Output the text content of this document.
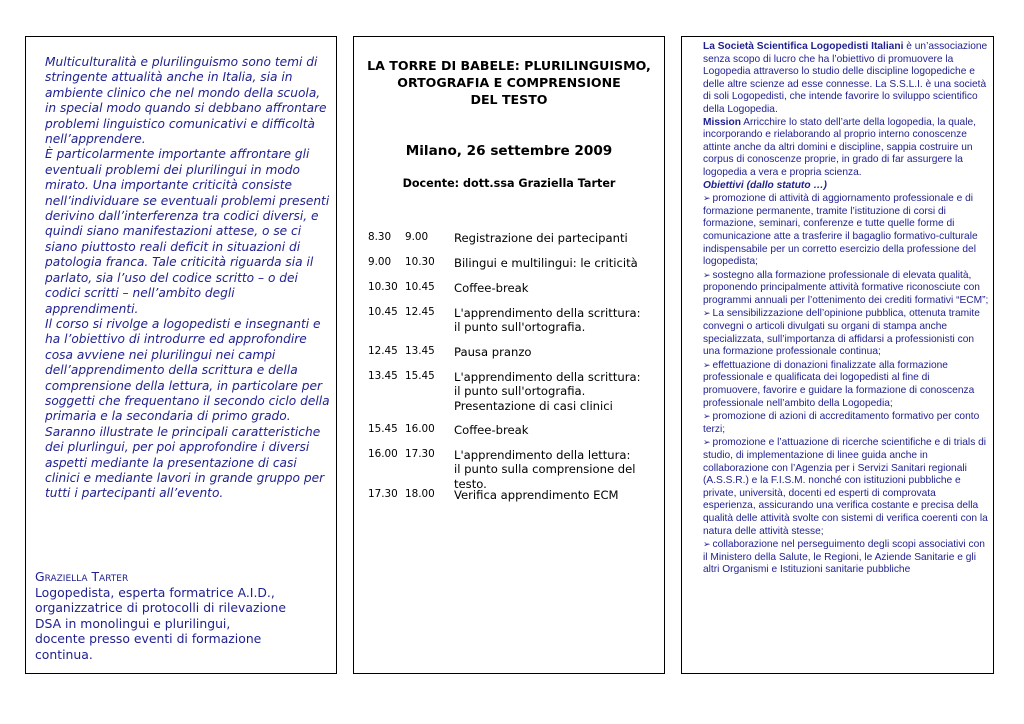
Multiculturalità e plurilinguismo sono temi di stringente attualità anche in Italia, sia in ambiente clinico che nel mondo della scuola, in special modo quando si debbano affrontare problemi linguistico comunicativi e difficoltà nell’apprendere.

È particolarmente importante affrontare gli eventuali problemi dei plurilingui in modo mirato. Una importante criticità consiste nell’individuare se eventuali problemi presenti derivino dall’interferenza tra codici diversi, e quindi siano manifestazioni attese, o se ci siano piuttosto reali deficit in situazioni di patologia franca. Tale criticità riguarda sia il parlato, sia l’uso del codice scritto – o dei codici scritti – nell’ambito degli apprendimenti.

Il corso si rivolge a logopedisti e insegnanti e ha l’obiettivo di introdurre ed approfondire cosa avviene nei plurilingui nei campi dell’apprendimento della scrittura e della comprensione della lettura, in particolare per soggetti che frequentano il secondo ciclo della primaria e la secondaria di primo grado. Saranno illustrate le principali caratteristiche dei plurlingui, per poi approfondire i diversi aspetti mediante la presentazione di casi clinici e mediante lavori in grande gruppo per tutti i partecipanti all’evento.

Graziella Tarter
Logopedista, esperta formatrice A.I.D.,
organizzatrice di protocolli di rilevazione
DSA in monolingui e plurilingui,
docente presso eventi di formazione
continua.
LA TORRE DI BABELE: PLURILINGUISMO,
ORTOGRAFIA E COMPRENSIONE
DEL TESTO
Milano, 26 settembre 2009
Docente: dott.ssa Graziella Tarter
8.30 9.00 Registrazione dei partecipanti
9.00 10.30 Bilingui e multilingui: le criticità
10.30 10.45 Coffee-break
10.45 12.45 L'apprendimento della scrittura:
il punto sull'ortografia.
12.45 13.45 Pausa pranzo
13.45 15.45 L'apprendimento della scrittura:
il punto sull'ortografia.
Presentazione di casi clinici
15.45 16.00 Coffee-break
16.00 17.30 L'apprendimento della lettura:
il punto sulla comprensione del testo.
17.30 18.00 Verifica apprendimento ECM

La Società Scientifica Logopedisti Italiani è un’associazione senza scopo di lucro che ha l’obiettivo di promuovere la Logopedia attraverso lo studio delle discipline logopediche e delle altre scienze ad esse connesse. La S.S.L.I. è una società di soli Logopedisti, che intende favorire lo sviluppo scientifico della Logopedia.

Mission Arricchire lo stato dell’arte della logopedia, la quale, incorporando e rielaborando al proprio interno conoscenze attinte anche da altri domini e discipline, sappia costruire un corpus di conoscenze proprie, in grado di far assurgere la logopedia a vera e propria scienza.

Obiettivi (dallo statuto …)

➢ promozione di attività di aggiornamento professionale e di formazione permanente, tramite l’istituzione di corsi di formazione, seminari, conferenze e tutte quelle forme di comunicazione atte a trasferire il bagaglio formativo-culturale indispensabile per un corretto esercizio della professione del logopedista;

➢ sostegno alla formazione professionale di elevata qualità, proponendo principalmente attività formative riconosciute con programmi annuali per l’ottenimento dei crediti formativi “ECM”;

➢ La sensibilizzazione dell’opinione pubblica, ottenuta tramite convegni o articoli divulgati su organi di stampa anche specializzata, sull’importanza di affidarsi a professionisti con una formazione professionale continua;

➢ effettuazione di donazioni finalizzate alla formazione professionale e qualificata dei logopedisti al fine di promuovere, favorire e guidare la formazione di conoscenza professionale nell’ambito della Logopedia;

➢ promozione di azioni di accreditamento formativo per conto terzi;

➢ promozione e l’attuazione di ricerche scientifiche e di trials di studio, di implementazione di linee guida anche in collaborazione con l’Agenzia per i Servizi Sanitari regionali (A.S.S.R.) e la F.I.S.M. nonché con istituzioni pubbliche e private, università, docenti ed esperti di comprovata esperienza, assicurando una verifica costante e precisa della qualità delle attività svolte con sistemi di verifica coerenti con la natura delle attività stesse;

➢ collaborazione nel perseguimento degli scopi associativi con il Ministero della Salute, le Regioni, le Aziende Sanitarie e gli altri Organismi e Istituzioni sanitarie pubbliche
